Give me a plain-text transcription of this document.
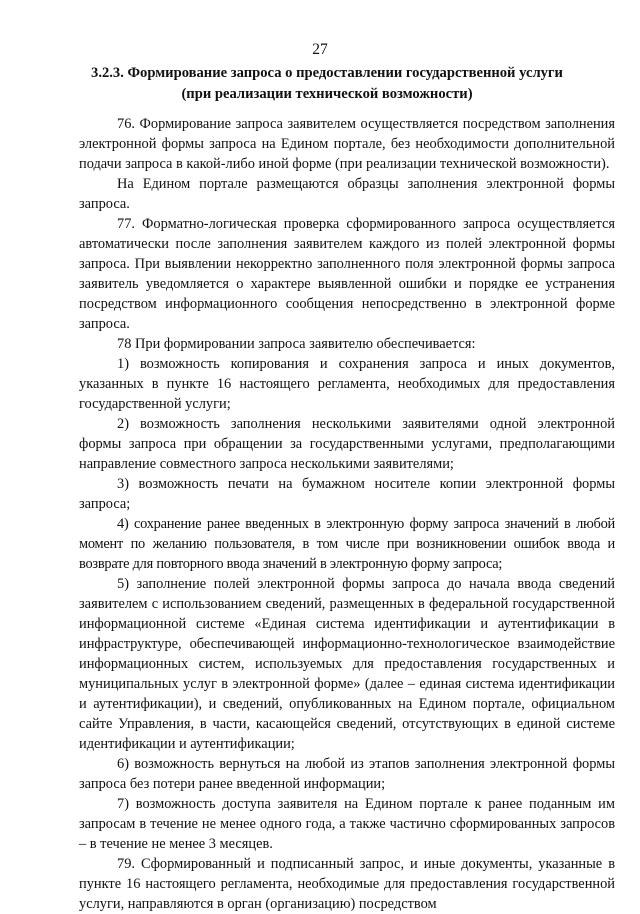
27
3.2.3. Формирование запроса о предоставлении государственной услуги
(при реализации технической возможности)

76. Формирование запроса заявителем осуществляется посредством заполнения электронной формы запроса на Едином портале, без необходимости дополнительной подачи запроса в какой-либо иной форме (при реализации технической возможности).

На Едином портале размещаются образцы заполнения электронной формы запроса.

77. Форматно-логическая проверка сформированного запроса осуществляется автоматически после заполнения заявителем каждого из полей электронной формы запроса. При выявлении некорректно заполненного поля электронной формы запроса заявитель уведомляется о характере выявленной ошибки и порядке ее устранения посредством информационного сообщения непосредственно в электронной форме запроса.

78 При формировании запроса заявителю обеспечивается:

1) возможность копирования и сохранения запроса и иных документов, указанных в пункте 16 настоящего регламента, необходимых для предоставления государственной услуги;

2) возможность заполнения несколькими заявителями одной электронной формы запроса при обращении за государственными услугами, предполагающими направление совместного запроса несколькими заявителями;

3) возможность печати на бумажном носителе копии электронной формы запроса;

4) сохранение ранее введенных в электронную форму запроса значений в любой момент по желанию пользователя, в том числе при возникновении ошибок ввода и возврате для повторного ввода значений в электронную форму запроса;

5) заполнение полей электронной формы запроса до начала ввода сведений заявителем с использованием сведений, размещенных в федеральной государственной информационной системе «Единая система идентификации и аутентификации в инфраструктуре, обеспечивающей информационно-технологическое взаимодействие информационных систем, используемых для предоставления государственных и муниципальных услуг в электронной форме» (далее – единая система идентификации и аутентификации), и сведений, опубликованных на Едином портале, официальном сайте Управления, в части, касающейся сведений, отсутствующих в единой системе идентификации и аутентификации;

6) возможность вернуться на любой из этапов заполнения электронной формы запроса без потери ранее введенной информации;

7) возможность доступа заявителя на Едином портале к ранее поданным им запросам в течение не менее одного года, а также частично сформированных запросов – в течение не менее 3 месяцев.

79. Сформированный и подписанный запрос, и иные документы, указанные в пункте 16 настоящего регламента, необходимые для предоставления государственной услуги, направляются в орган (организацию) посредством
